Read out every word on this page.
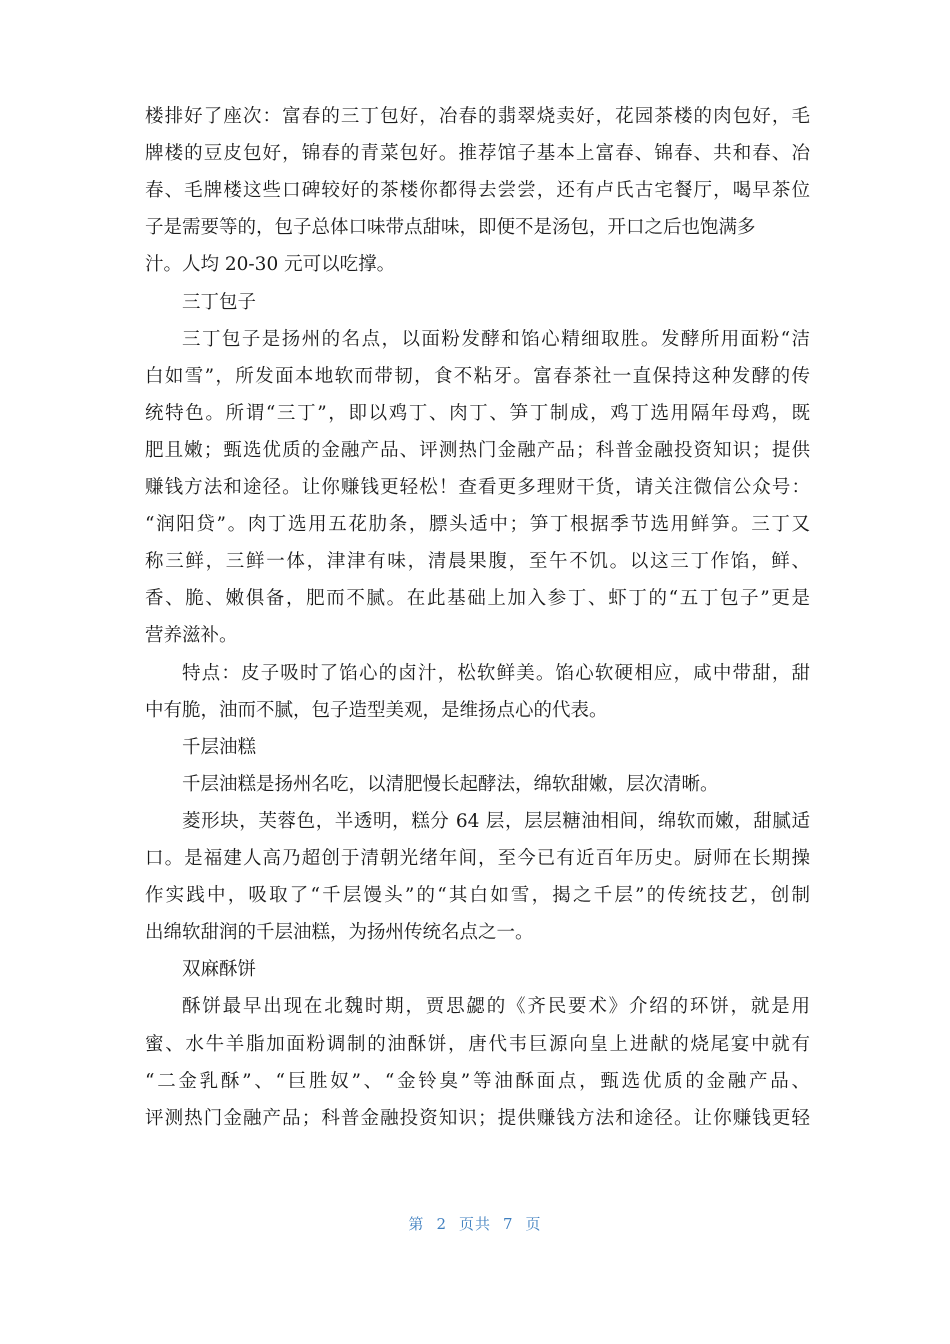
楼排好了座次：富春的三丁包好，冶春的翡翠烧卖好，花园茶楼的肉包好，毛
牌楼的豆皮包好，锦春的青菜包好。推荐馆子基本上富春、锦春、共和春、冶
春、毛牌楼这些口碑较好的茶楼你都得去尝尝，还有卢氏古宅餐厅，喝早茶位
子是需要等的，包子总体口味带点甜味，即便不是汤包，开口之后也饱满多
汁。人均 20-30 元可以吃撑。
三丁包子
三丁包子是扬州的名点，以面粉发酵和馅心精细取胜。发酵所用面粉“洁
白如雪”，所发面本地软而带韧，食不粘牙。富春茶社一直保持这种发酵的传
统特色。所谓“三丁”，即以鸡丁、肉丁、笋丁制成，鸡丁选用隔年母鸡，既
肥且嫩；甄选优质的金融产品、评测热门金融产品；科普金融投资知识；提供
赚钱方法和途径。让你赚钱更轻松！查看更多理财干货，请关注微信公众号：
“润阳贷”。肉丁选用五花肋条，膘头适中；笋丁根据季节选用鲜笋。三丁又
称三鲜，三鲜一体，津津有味，清晨果腹，至午不饥。以这三丁作馅，鲜、
香、脆、嫩俱备，肥而不腻。在此基础上加入参丁、虾丁的“五丁包子”更是
营养滋补。
特点：皮子吸时了馅心的卤汁，松软鲜美。馅心软硬相应，咸中带甜，甜
中有脆，油而不腻，包子造型美观，是维扬点心的代表。
千层油糕
千层油糕是扬州名吃，以清肥慢长起酵法，绵软甜嫩，层次清晰。
菱形块，芙蓉色，半透明，糕分 64 层，层层糖油相间，绵软而嫩，甜腻适
口。是福建人高乃超创于清朝光绪年间，至今已有近百年历史。厨师在长期操
作实践中，吸取了“千层馒头”的“其白如雪，揭之千层”的传统技艺，创制
出绵软甜润的千层油糕，为扬州传统名点之一。
双麻酥饼
酥饼最早出现在北魏时期，贾思勰的《齐民要术》介绍的环饼，就是用
蜜、水牛羊脂加面粉调制的油酥饼，唐代韦巨源向皇上进献的烧尾宴中就有
“二金乳酥”、“巨胜奴”、“金铃臭”等油酥面点，甄选优质的金融产品、
评测热门金融产品；科普金融投资知识；提供赚钱方法和途径。让你赚钱更轻
第 2 页共 7 页
